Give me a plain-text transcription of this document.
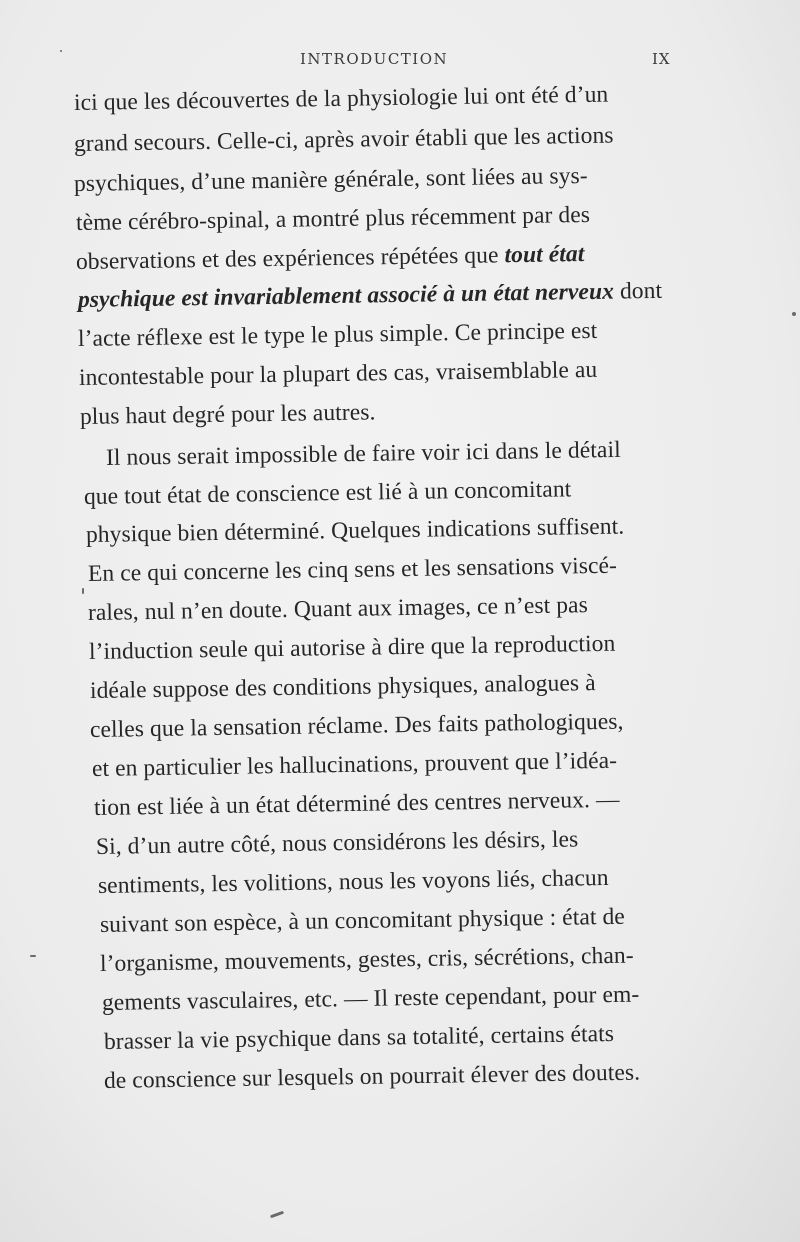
INTRODUCTION	IX
ici que les découvertes de la physiologie lui ont été d’un
grand secours. Celle-ci, après avoir établi que les actions
psychiques, d’une manière générale, sont liées au sys-
tème cérébro-spinal, a montré plus récemment par des
observations et des expériences répétées que tout état
psychique est invariablement associé à un état nerveux dont
l’acte réflexe est le type le plus simple. Ce principe est
incontestable pour la plupart des cas, vraisemblable au
plus haut degré pour les autres.
Il nous serait impossible de faire voir ici dans le détail
que tout état de conscience est lié à un concomitant
physique bien déterminé. Quelques indications suffisent.
En ce qui concerne les cinq sens et les sensations viscé-
rales, nul n’en doute. Quant aux images, ce n’est pas
l’induction seule qui autorise à dire que la reproduction
idéale suppose des conditions physiques, analogues à
celles que la sensation réclame. Des faits pathologiques,
et en particulier les hallucinations, prouvent que l’idéa-
tion est liée à un état déterminé des centres nerveux. —
Si, d’un autre côté, nous considérons les désirs, les
sentiments, les volitions, nous les voyons liés, chacun
suivant son espèce, à un concomitant physique : état de
l’organisme, mouvements, gestes, cris, sécrétions, chan-
gements vasculaires, etc. — Il reste cependant, pour em-
brasser la vie psychique dans sa totalité, certains états
de conscience sur lesquels on pourrait élever des doutes.
